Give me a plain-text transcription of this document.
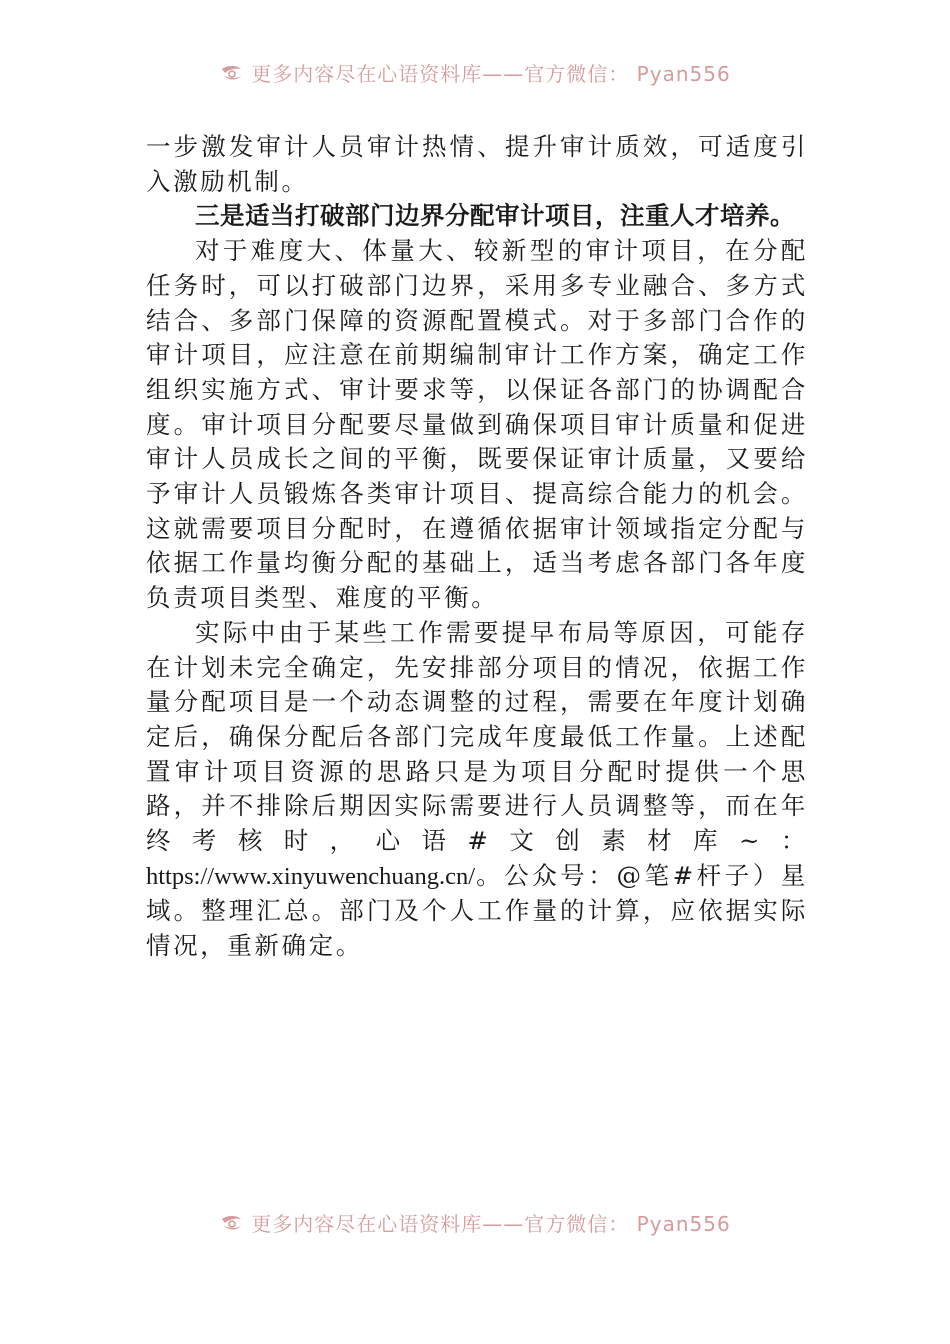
更多内容尽在心语资料库——官方微信： Pyan556

一步激发审计人员审计热情、提升审计质效，可适度引入激励机制。

三是适当打破部门边界分配审计项目，注重人才培养。

对于难度大、体量大、较新型的审计项目，在分配任务时，可以打破部门边界，采用多专业融合、多方式结合、多部门保障的资源配置模式。对于多部门合作的审计项目，应注意在前期编制审计工作方案，确定工作组织实施方式、审计要求等，以保证各部门的协调配合度。审计项目分配要尽量做到确保项目审计质量和促进审计人员成长之间的平衡，既要保证审计质量，又要给予审计人员锻炼各类审计项目、提高综合能力的机会。这就需要项目分配时，在遵循依据审计领域指定分配与依据工作量均衡分配的基础上，适当考虑各部门各年度负责项目类型、难度的平衡。

实际中由于某些工作需要提早布局等原因，可能存在计划未完全确定，先安排部分项目的情况，依据工作量分配项目是一个动态调整的过程，需要在年度计划确定后，确保分配后各部门完成年度最低工作量。上述配置审计项目资源的思路只是为项目分配时提供一个思路，并不排除后期因实际需要进行人员调整等，而在年终考核时，心语#文创素材库~：https://www.xinyuwenchuang.cn/。公众号：@笔#杆子）星域。整理汇总。部门及个人工作量的计算，应依据实际情况，重新确定。

更多内容尽在心语资料库——官方微信： Pyan556
